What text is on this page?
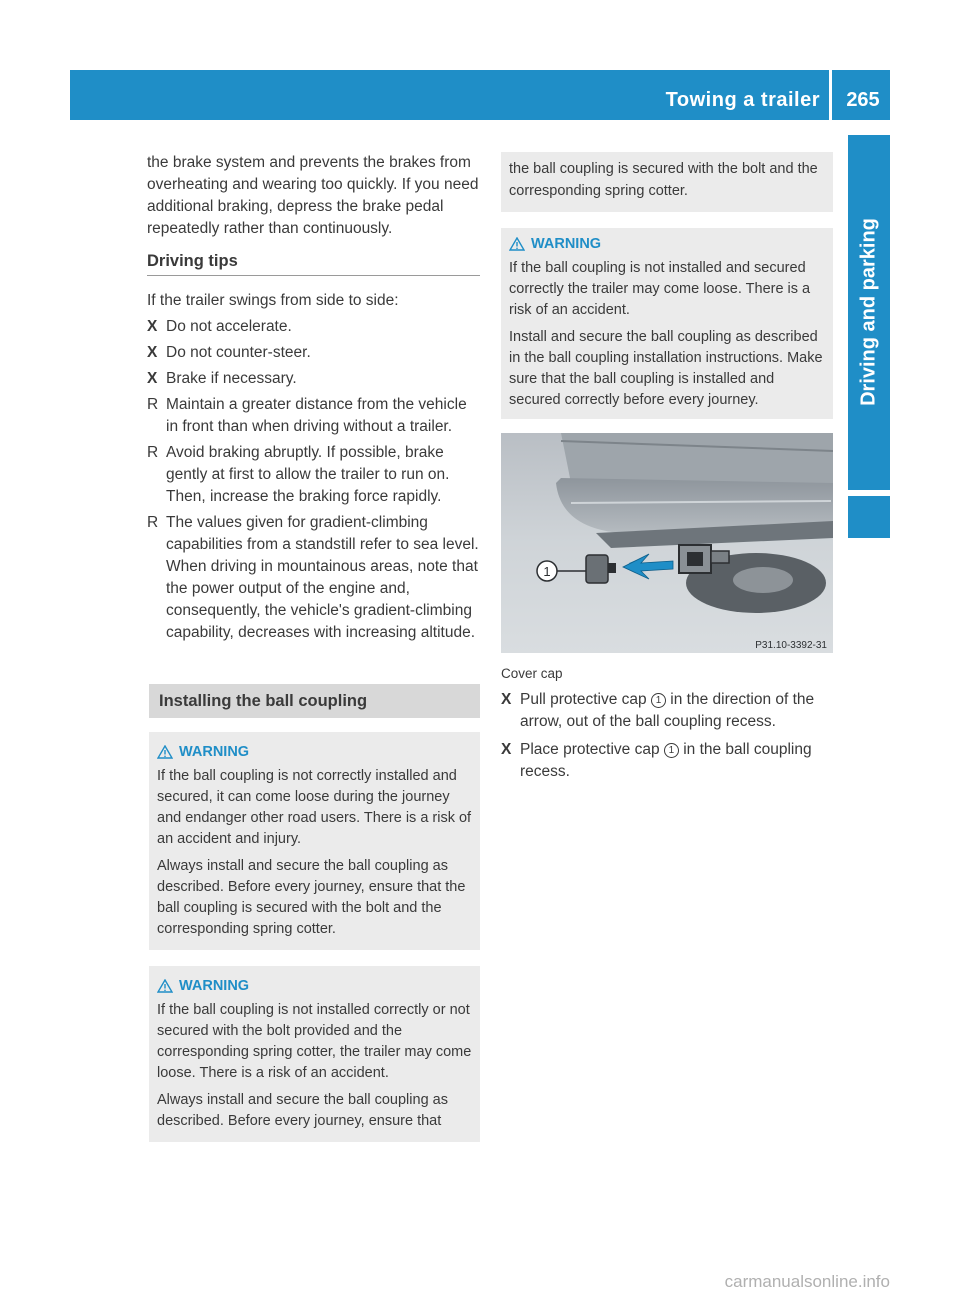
Towing a trailer	265
Driving and parking

the brake system and prevents the brakes from overheating and wearing too quickly. If you need additional braking, depress the brake pedal repeatedly rather than continuously.

Driving tips

If the trailer swings from side to side:

X Do not accelerate.
X Do not counter-steer.
X Brake if necessary.
R Maintain a greater distance from the vehicle in front than when driving without a trailer.
R Avoid braking abruptly. If possible, brake gently at first to allow the trailer to run on. Then, increase the braking force rapidly.
R The values given for gradient-climbing capabilities from a standstill refer to sea level. When driving in mountainous areas, note that the power output of the engine and, consequently, the vehicle's gradient-climbing capability, decreases with increasing altitude.
Installing the ball coupling
WARNING

If the ball coupling is not correctly installed and secured, it can come loose during the journey and endanger other road users. There is a risk of an accident and injury.

Always install and secure the ball coupling as described. Before every journey, ensure that the ball coupling is secured with the bolt and the corresponding spring cotter.

WARNING

If the ball coupling is not installed correctly or not secured with the bolt provided and the corresponding spring cotter, the trailer may come loose. There is a risk of an accident.

Always install and secure the ball coupling as described. Before every journey, ensure that

the ball coupling is secured with the bolt and the corresponding spring cotter.

WARNING

If the ball coupling is not installed and secured correctly the trailer may come loose. There is a risk of an accident.

Install and secure the ball coupling as described in the ball coupling installation instructions. Make sure that the ball coupling is installed and secured correctly before every journey.

1
P31.10-3392-31

Cover cap

X Pull protective cap 1 in the direction of the arrow, out of the ball coupling recess.
X Place protective cap 1 in the ball coupling recess.
carmanualsonline.info
